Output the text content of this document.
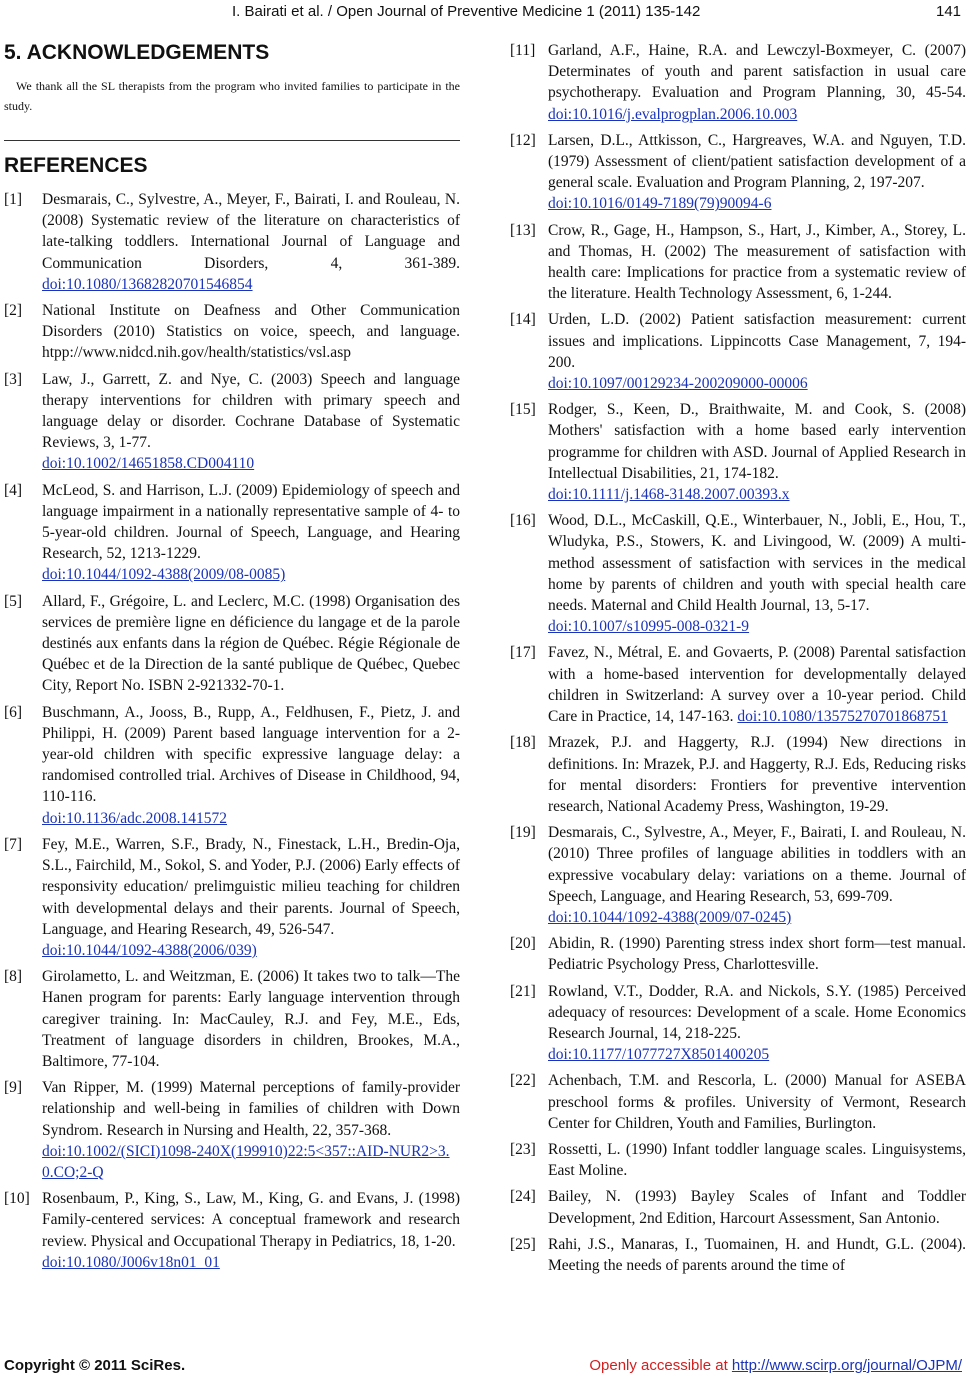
I. Bairati et al. / Open Journal of Preventive Medicine 1 (2011) 135-142	141
5. ACKNOWLEDGEMENTS

We thank all the SL therapists from the program who invited families to participate in the study.

REFERENCES
[1]	Desmarais, C., Sylvestre, A., Meyer, F., Bairati, I. and Rouleau, N. (2008) Systematic review of the literature on characteristics of late-talking toddlers. International Journal of Language and Communication Disorders, 4, 361-389. doi:10.1080/13682820701546854
[2]	National Institute on Deafness and Other Communication Disorders (2010) Statistics on voice, speech, and language. htpp://www.nidcd.nih.gov/health/statistics/vsl.asp
[3]	Law, J., Garrett, Z. and Nye, C. (2003) Speech and language therapy interventions for children with primary speech and language delay or disorder. Cochrane Database of Systematic Reviews, 3, 1-77.
doi:10.1002/14651858.CD004110
[4]	McLeod, S. and Harrison, L.J. (2009) Epidemiology of speech and language impairment in a nationally representative sample of 4- to 5-year-old children. Journal of Speech, Language, and Hearing Research, 52, 1213-1229.
doi:10.1044/1092-4388(2009/08-0085)
[5]	Allard, F., Grégoire, L. and Leclerc, M.C. (1998) Organisation des services de première ligne en déficience du langage et de la parole destinés aux enfants dans la région de Québec. Régie Régionale de Québec et de la Direction de la santé publique de Québec, Quebec City, Report No. ISBN 2-921332-70-1.
[6]	Buschmann, A., Jooss, B., Rupp, A., Feldhusen, F., Pietz, J. and Philippi, H. (2009) Parent based language intervention for a 2-year-old children with specific expressive language delay: a randomised controlled trial. Archives of Disease in Childhood, 94, 110-116.
doi:10.1136/adc.2008.141572
[7]	Fey, M.E., Warren, S.F., Brady, N., Finestack, L.H., Bredin-Oja, S.L., Fairchild, M., Sokol, S. and Yoder, P.J. (2006) Early effects of responsivity education/ prelimguistic milieu teaching for children with developmental delays and their parents. Journal of Speech, Language, and Hearing Research, 49, 526-547.
doi:10.1044/1092-4388(2006/039)
[8]	Girolametto, L. and Weitzman, E. (2006) It takes two to talk—The Hanen program for parents: Early language intervention through caregiver training. In: MacCauley, R.J. and Fey, M.E., Eds, Treatment of language disorders in children, Brookes, M.A., Baltimore, 77-104.
[9]	Van Ripper, M. (1999) Maternal perceptions of family-provider relationship and well-being in families of children with Down Syndrom. Research in Nursing and Health, 22, 357-368.
doi:10.1002/(SICI)1098-240X(199910)22:5<357::AID-NUR2>3.0.CO;2-Q
[10] Rosenbaum, P., King, S., Law, M., King, G. and Evans, J. (1998) Family-centered services: A conceptual framework and research review. Physical and Occupational Therapy in Pediatrics, 18, 1-20.
doi:10.1080/J006v18n01_01
[11] Garland, A.F., Haine, R.A. and Lewczyl-Boxmeyer, C. (2007) Determinates of youth and parent satisfaction in usual care psychotherapy. Evaluation and Program Planning, 30, 45-54. doi:10.1016/j.evalprogplan.2006.10.003
[12] Larsen, D.L., Attkisson, C., Hargreaves, W.A. and Nguyen, T.D. (1979) Assessment of client/patient satisfaction development of a general scale. Evaluation and Program Planning, 2, 197-207.
doi:10.1016/0149-7189(79)90094-6
[13] Crow, R., Gage, H., Hampson, S., Hart, J., Kimber, A., Storey, L. and Thomas, H. (2002) The measurement of satisfaction with health care: Implications for practice from a systematic review of the literature. Health Technology Assessment, 6, 1-244.
[14] Urden, L.D. (2002) Patient satisfaction measurement: current issues and implications. Lippincotts Case Management, 7, 194-200.
doi:10.1097/00129234-200209000-00006
[15] Rodger, S., Keen, D., Braithwaite, M. and Cook, S. (2008) Mothers' satisfaction with a home based early intervention programme for children with ASD. Journal of Applied Research in Intellectual Disabilities, 21, 174-182.
doi:10.1111/j.1468-3148.2007.00393.x
[16] Wood, D.L., McCaskill, Q.E., Winterbauer, N., Jobli, E., Hou, T., Wludyka, P.S., Stowers, K. and Livingood, W. (2009) A multi-method assessment of satisfaction with services in the medical home by parents of children and youth with special health care needs. Maternal and Child Health Journal, 13, 5-17.
doi:10.1007/s10995-008-0321-9
[17] Favez, N., Métral, E. and Govaerts, P. (2008) Parental satisfaction with a home-based intervention for developmentally delayed children in Switzerland: A survey over a 10-year period. Child Care in Practice, 14, 147-163. doi:10.1080/13575270701868751
[18] Mrazek, P.J. and Haggerty, R.J. (1994) New directions in definitions. In: Mrazek, P.J. and Haggerty, R.J. Eds, Reducing risks for mental disorders: Frontiers for preventive intervention research, National Academy Press, Washington, 19-29.
[19] Desmarais, C., Sylvestre, A., Meyer, F., Bairati, I. and Rouleau, N. (2010) Three profiles of language abilities in toddlers with an expressive vocabulary delay: variations on a theme. Journal of Speech, Language, and Hearing Research, 53, 699-709.
doi:10.1044/1092-4388(2009/07-0245)
[20] Abidin, R. (1990) Parenting stress index short form—test manual. Pediatric Psychology Press, Charlottesville.
[21] Rowland, V.T., Dodder, R.A. and Nickols, S.Y. (1985) Perceived adequacy of resources: Development of a scale. Home Economics Research Journal, 14, 218-225.
doi:10.1177/1077727X8501400205
[22] Achenbach, T.M. and Rescorla, L. (2000) Manual for ASEBA preschool forms & profiles. University of Vermont, Research Center for Children, Youth and Families, Burlington.
[23] Rossetti, L. (1990) Infant toddler language scales. Linguisystems, East Moline.
[24] Bailey, N. (1993) Bayley Scales of Infant and Toddler Development, 2nd Edition, Harcourt Assessment, San Antonio.
[25] Rahi, J.S., Manaras, I., Tuomainen, H. and Hundt, G.L. (2004). Meeting the needs of parents around the time of
Copyright © 2011 SciRes.	Openly accessible at http://www.scirp.org/journal/OJPM/
